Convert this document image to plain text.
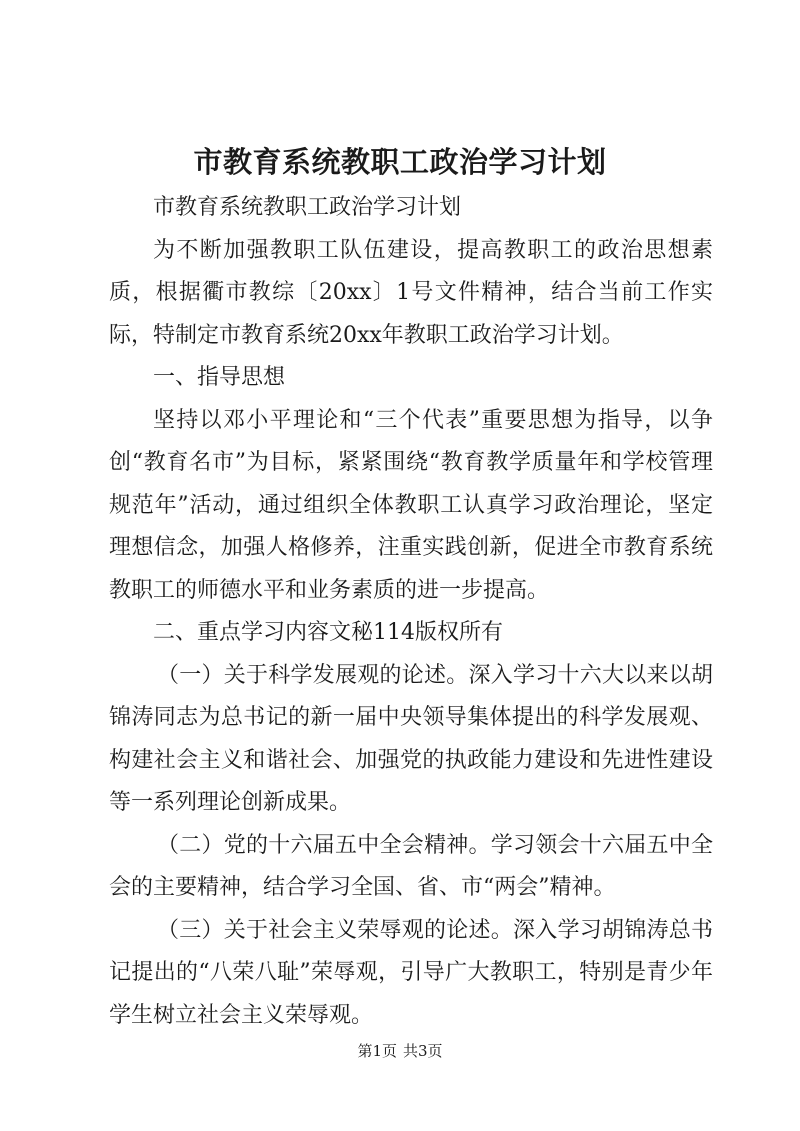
市教育系统教职工政治学习计划

市教育系统教职工政治学习计划

为不断加强教职工队伍建设，提高教职工的政治思想素质，根据衢市教综〔20xx〕1号文件精神，结合当前工作实际，特制定市教育系统20xx年教职工政治学习计划。

一、指导思想

坚持以邓小平理论和“三个代表”重要思想为指导，以争创“教育名市”为目标，紧紧围绕“教育教学质量年和学校管理规范年”活动，通过组织全体教职工认真学习政治理论，坚定理想信念，加强人格修养，注重实践创新，促进全市教育系统教职工的师德水平和业务素质的进一步提高。

二、重点学习内容文秘114版权所有

（一）关于科学发展观的论述。深入学习十六大以来以胡锦涛同志为总书记的新一届中央领导集体提出的科学发展观、构建社会主义和谐社会、加强党的执政能力建设和先进性建设等一系列理论创新成果。

（二）党的十六届五中全会精神。学习领会十六届五中全会的主要精神，结合学习全国、省、市“两会”精神。

（三）关于社会主义荣辱观的论述。深入学习胡锦涛总书记提出的“八荣八耻”荣辱观，引导广大教职工，特别是青少年学生树立社会主义荣辱观。

第1页 共3页
